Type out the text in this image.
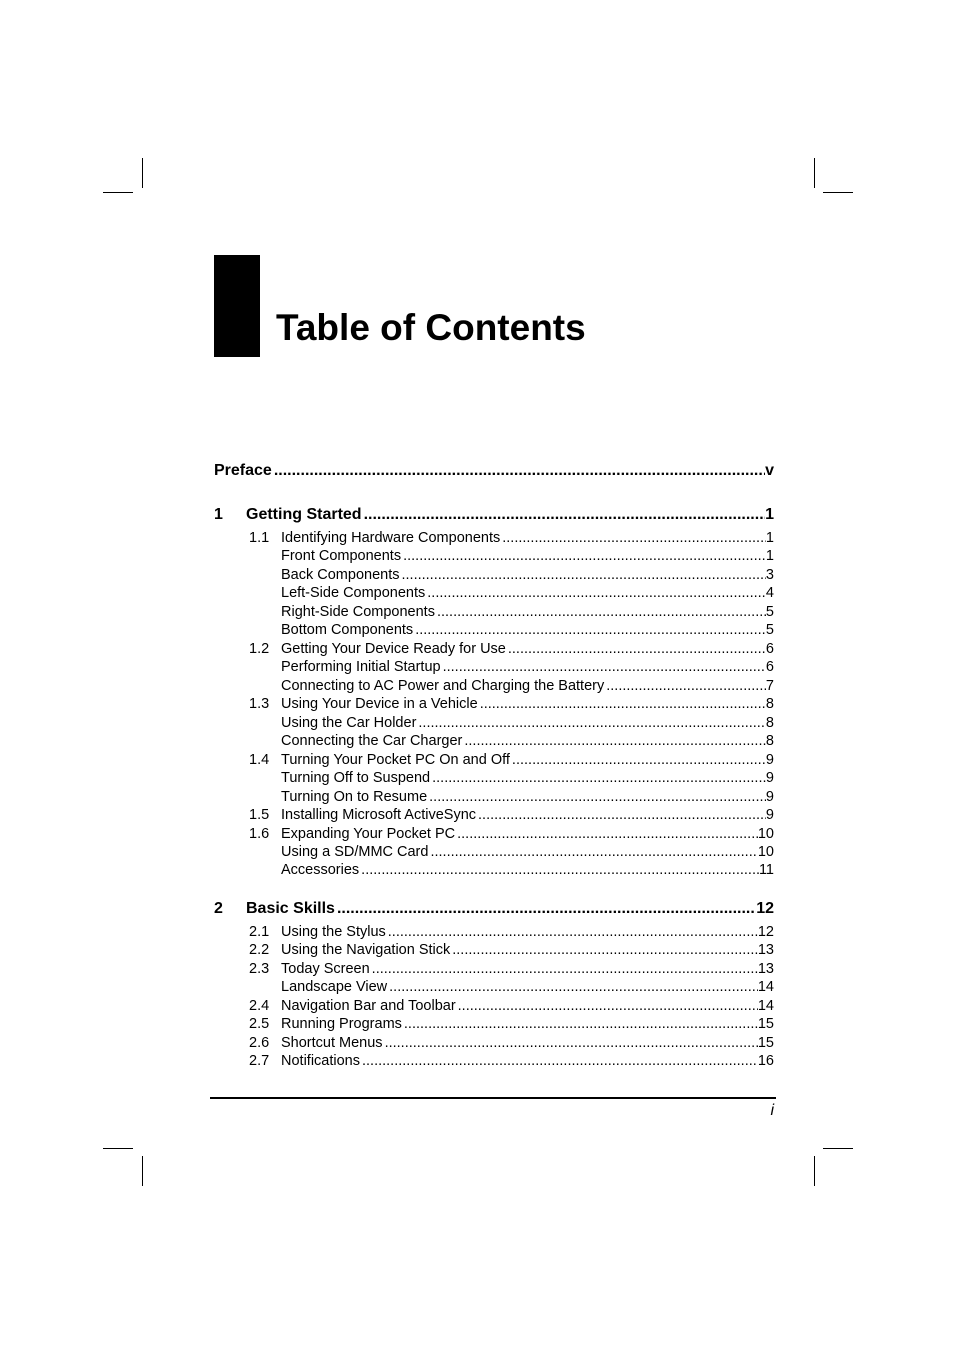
Table of Contents
Preface .....	v
1	Getting Started .....	1
1.1 Identifying Hardware Components .....	1
Front Components .....	1
Back Components .....	3
Left-Side Components .....	4
Right-Side Components .....	5
Bottom Components .....	5
1.2 Getting Your Device Ready for Use .....	6
Performing Initial Startup .....	6
Connecting to AC Power and Charging the Battery .....	7
1.3 Using Your Device in a Vehicle .....	8
Using the Car Holder .....	8
Connecting the Car Charger .....	8
1.4 Turning Your Pocket PC On and Off .....	9
Turning Off to Suspend .....	9
Turning On to Resume .....	9
1.5 Installing Microsoft ActiveSync .....	9
1.6 Expanding Your Pocket PC .....	10
Using a SD/MMC Card .....	10
Accessories .....	11
2	Basic Skills .....	12
2.1 Using the Stylus .....	12
2.2 Using the Navigation Stick .....	13
2.3 Today Screen .....	13
Landscape View .....	14
2.4 Navigation Bar and Toolbar .....	14
2.5 Running Programs .....	15
2.6 Shortcut Menus .....	15
2.7 Notifications .....	16
i
